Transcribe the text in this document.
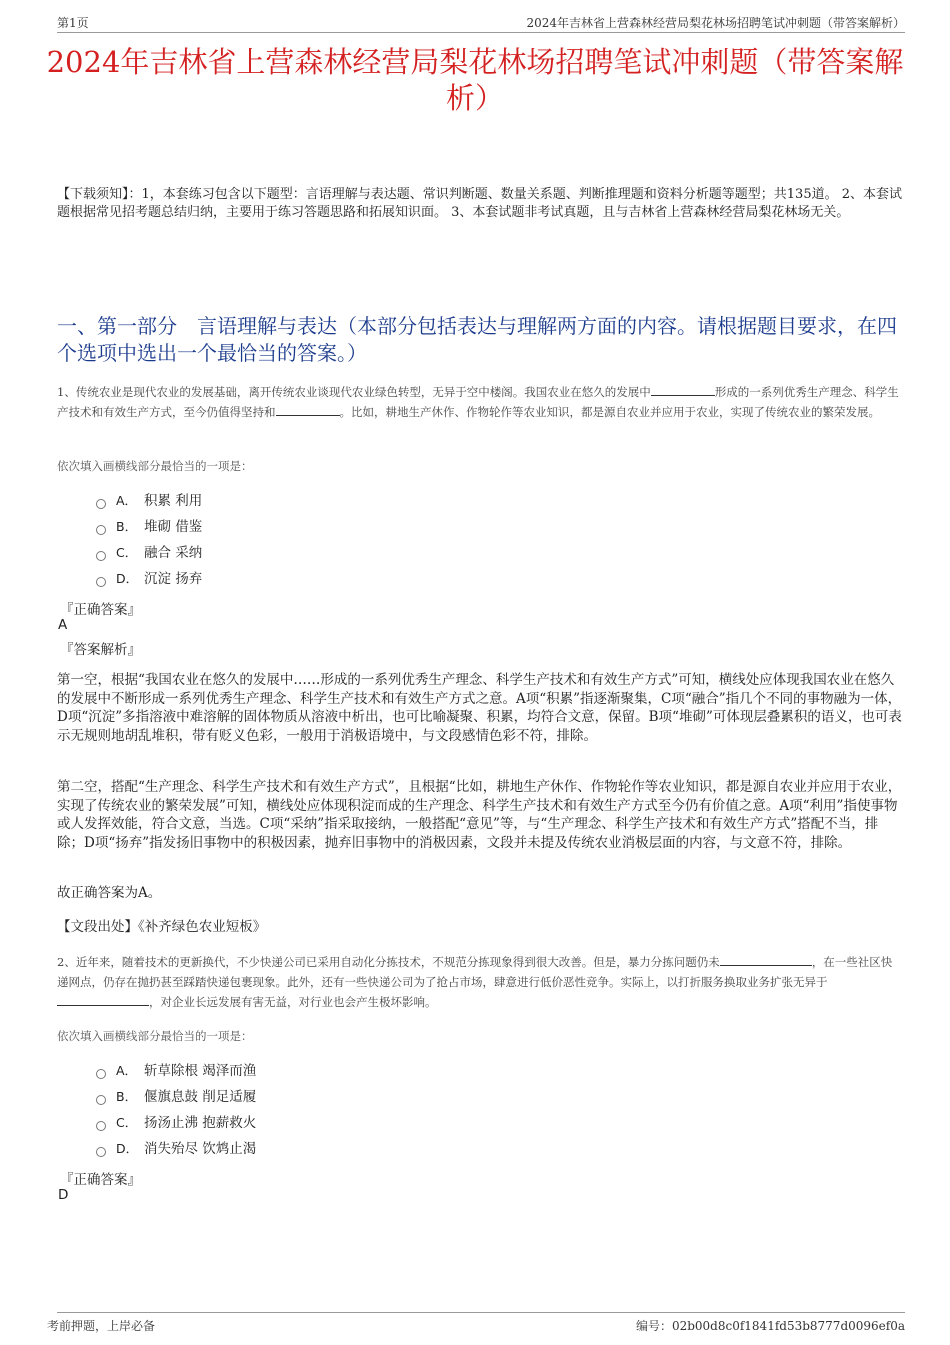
第1页	2024年吉林省上营森林经营局梨花林场招聘笔试冲刺题（带答案解析）
2024年吉林省上营森林经营局梨花林场招聘笔试冲刺题（带答案解析）
【下载须知】：1，本套练习包含以下题型：言语理解与表达题、常识判断题、数量关系题、判断推理题和资料分析题等题型；共135道。 2、本套试题根据常见招考题总结归纳，主要用于练习答题思路和拓展知识面。 3、本套试题非考试真题，且与吉林省上营森林经营局梨花林场无关。
一、第一部分　言语理解与表达（本部分包括表达与理解两方面的内容。请根据题目要求，在四个选项中选出一个最恰当的答案。）
1、传统农业是现代农业的发展基础，离开传统农业谈现代农业绿色转型，无异于空中楼阁。我国农业在悠久的发展中	形成的一系列优秀生产理念、科学生产技术和有效生产方式，至今仍值得坚持和	。比如，耕地生产休作、作物轮作等农业知识，都是源自农业并应用于农业，实现了传统农业的繁荣发展。
依次填入画横线部分最恰当的一项是：
A． 积累 利用
B． 堆砌 借鉴
C． 融合 采纳
D． 沉淀 扬弃
『正确答案』
A
『答案解析』
第一空，根据“我国农业在悠久的发展中……形成的一系列优秀生产理念、科学生产技术和有效生产方式”可知，横线处应体现我国农业在悠久的发展中不断形成一系列优秀生产理念、科学生产技术和有效生产方式之意。A项“积累”指逐渐聚集，C项“融合”指几个不同的事物融为一体，D项“沉淀”多指溶液中难溶解的固体物质从溶液中析出，也可比喻凝聚、积累，均符合文意，保留。B项“堆砌”可体现层叠累积的语义，也可表示无规则地胡乱堆积，带有贬义色彩，一般用于消极语境中，与文段感情色彩不符，排除。
第二空，搭配“生产理念、科学生产技术和有效生产方式”，且根据“比如，耕地生产休作、作物轮作等农业知识，都是源自农业并应用于农业，实现了传统农业的繁荣发展”可知，横线处应体现积淀而成的生产理念、科学生产技术和有效生产方式至今仍有价值之意。A项“利用”指使事物或人发挥效能，符合文意，当选。C项“采纳”指采取接纳，一般搭配“意见”等，与“生产理念、科学生产技术和有效生产方式”搭配不当，排除；D项“扬弃”指发扬旧事物中的积极因素，抛弃旧事物中的消极因素，文段并未提及传统农业消极层面的内容，与文意不符，排除。
故正确答案为A。
【文段出处】《补齐绿色农业短板》
2、近年来，随着技术的更新换代，不少快递公司已采用自动化分拣技术，不规范分拣现象得到很大改善。但是，暴力分拣问题仍未	，在一些社区快递网点，仍存在抛扔甚至踩踏快递包裹现象。此外，还有一些快递公司为了抢占市场，肆意进行低价恶性竞争。实际上，以打折服务换取业务扩张无异于，对企业长远发展有害无益，对行业也会产生极坏影响。
依次填入画横线部分最恰当的一项是：
A． 斩草除根 竭泽而渔
B． 偃旗息鼓 削足适履
C． 扬汤止沸 抱薪救火
D． 消失殆尽 饮鸩止渴
『正确答案』
D
考前押题，上岸必备	编号：02b00d8c0f1841fd53b8777d0096ef0a
